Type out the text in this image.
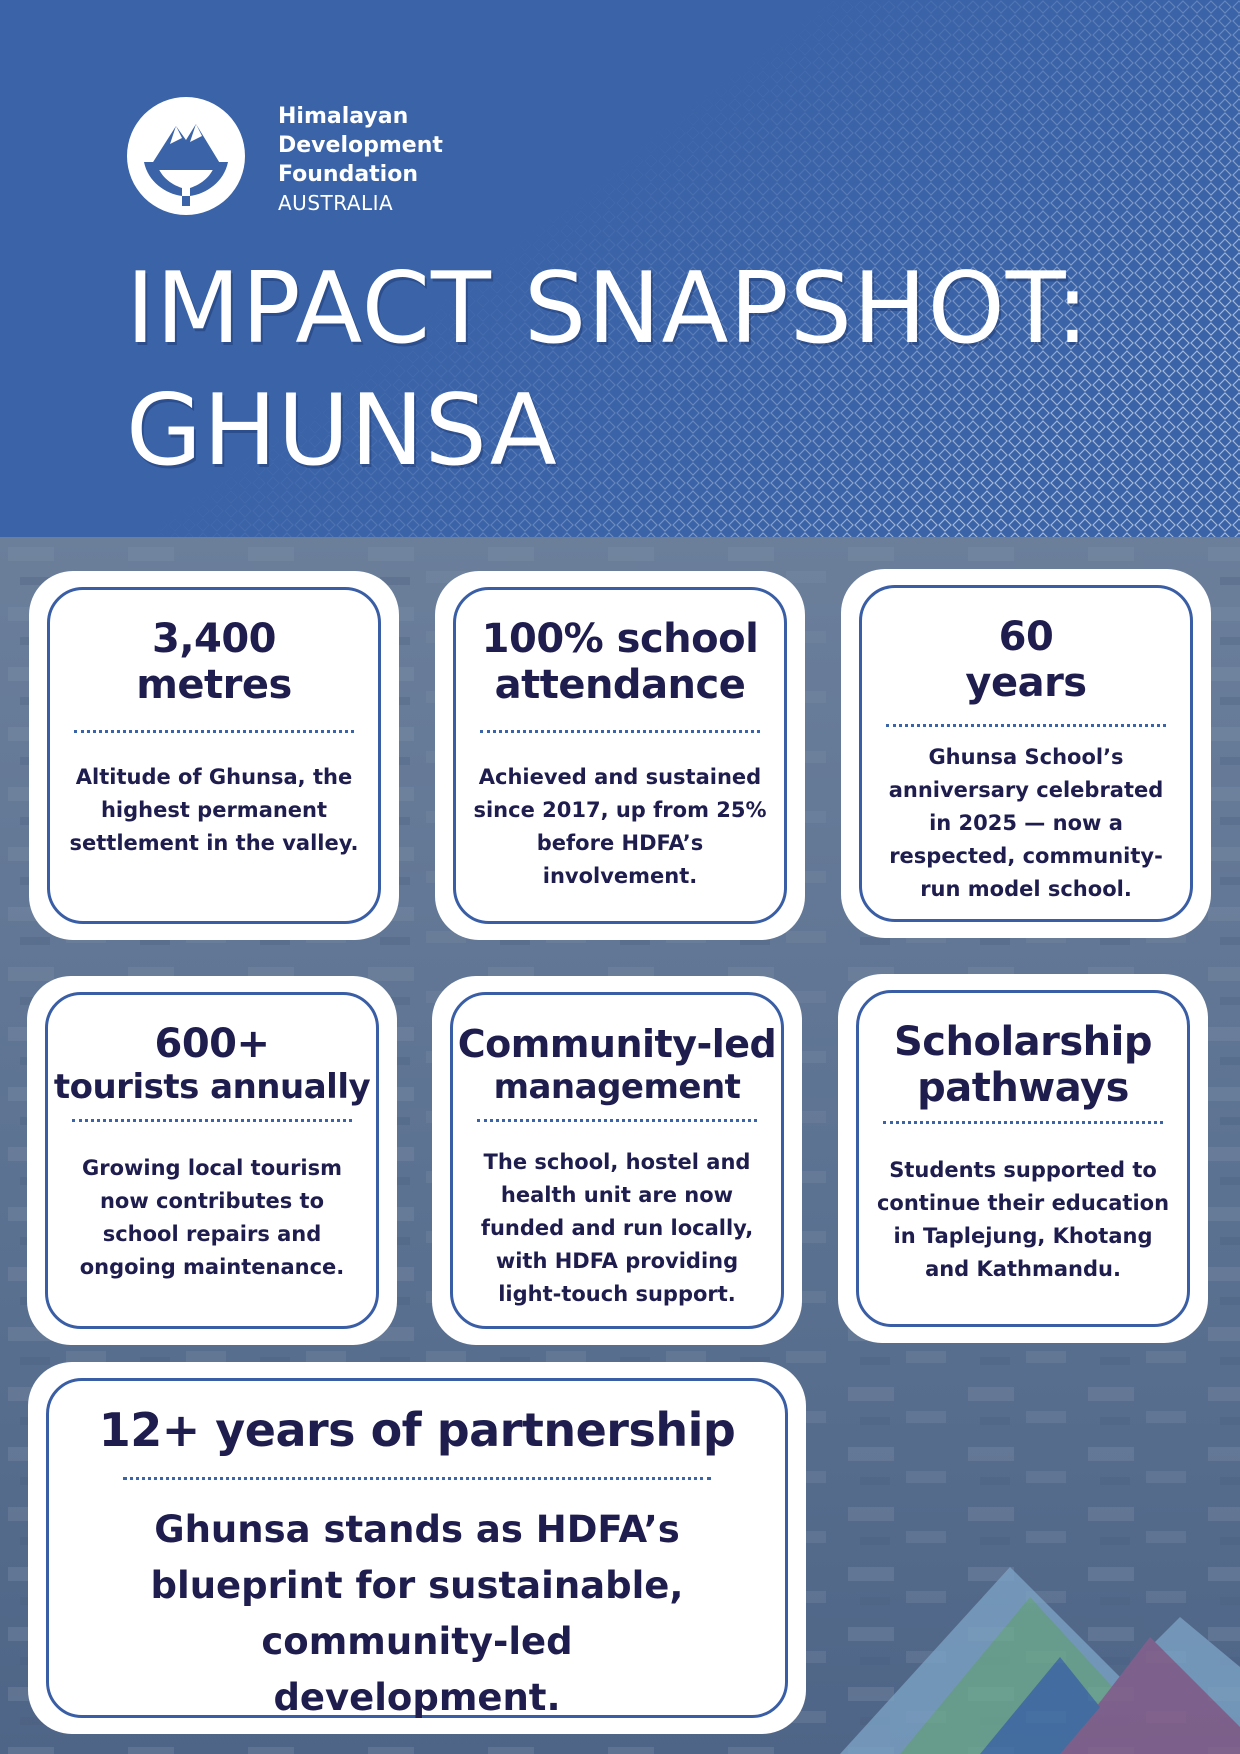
Himalayan
Development
Foundation
AUSTRALIA
IMPACT SNAPSHOT:
GHUNSA
3,400
metres
Altitude of Ghunsa, the highest permanent settlement in the valley.
100% school
attendance
Achieved and sustained since 2017, up from 25% before HDFA’s involvement.
60
years
Ghunsa School’s anniversary celebrated in 2025 — now a respected, community-run model school.
600+
tourists annually
Growing local tourism now contributes to school repairs and ongoing maintenance.
Community-led
management
The school, hostel and health unit are now funded and run locally, with HDFA providing light-touch support.
Scholarship
pathways
Students supported to continue their education in Taplejung, Khotang and Kathmandu.
12+ years of partnership
Ghunsa stands as HDFA’s blueprint for sustainable, community-led development.
